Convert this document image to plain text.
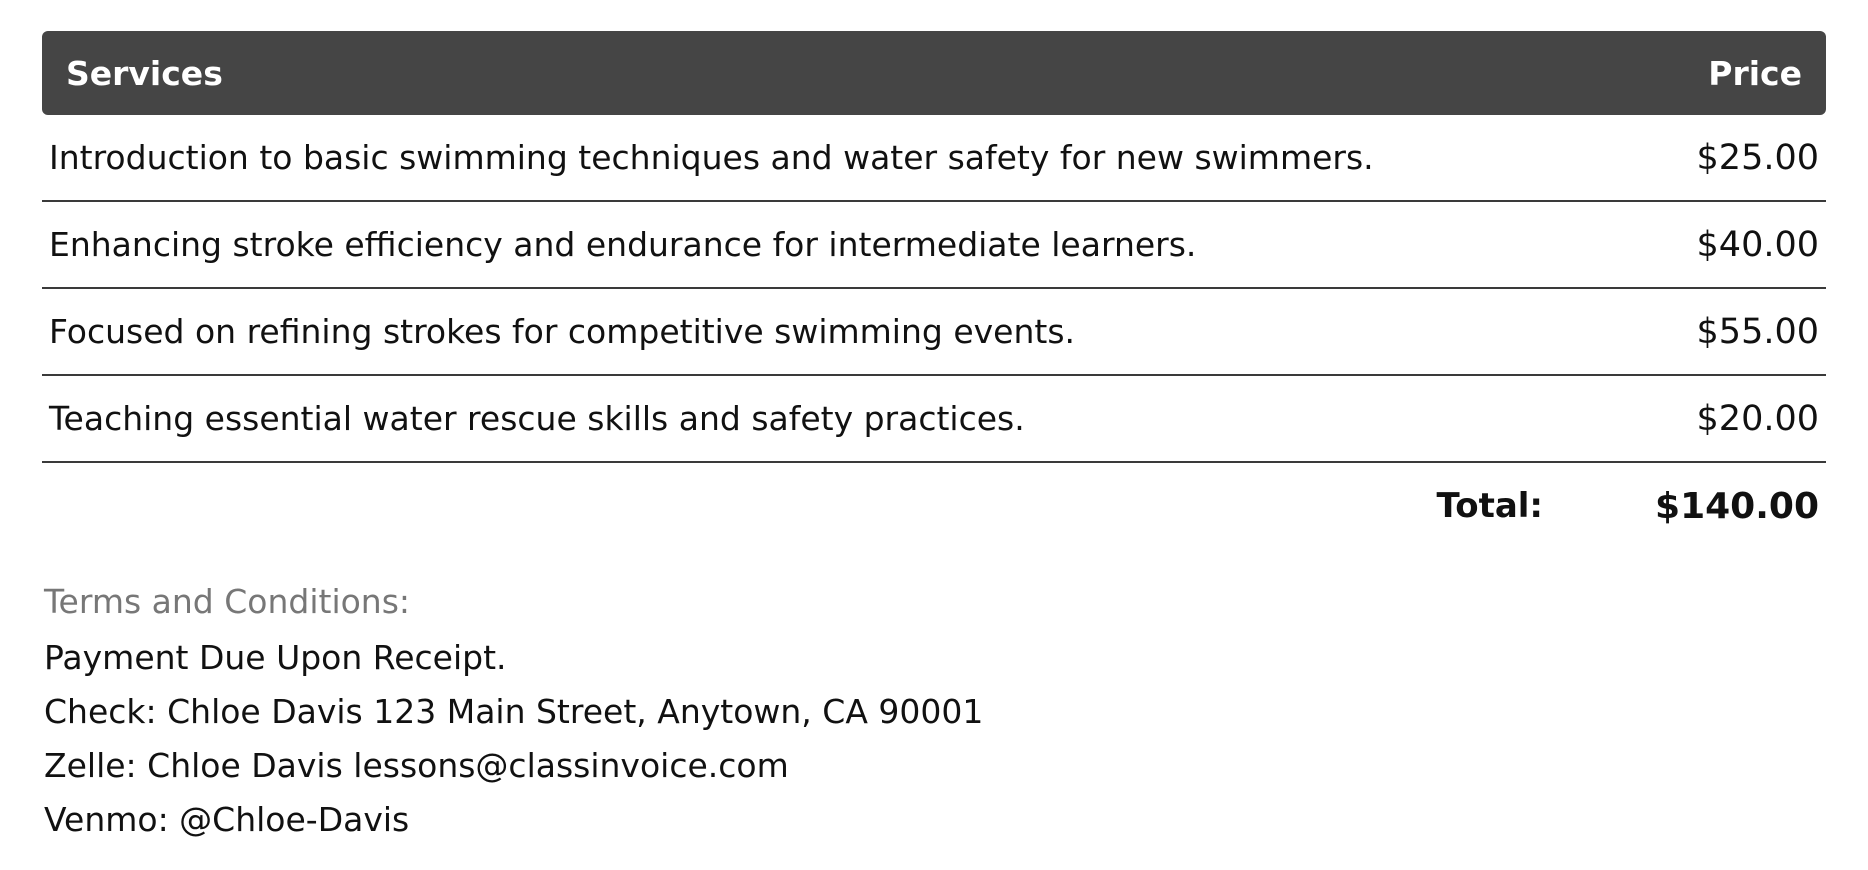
Services	Price
Introduction to basic swimming techniques and water safety for new swimmers.	$25.00
Enhancing stroke efficiency and endurance for intermediate learners.	$40.00
Focused on refining strokes for competitive swimming events.	$55.00
Teaching essential water rescue skills and safety practices.	$20.00
Total:	$140.00
Terms and Conditions:
Payment Due Upon Receipt.
Check: Chloe Davis 123 Main Street, Anytown, CA 90001
Zelle: Chloe Davis lessons@classinvoice.com
Venmo: @Chloe-Davis
